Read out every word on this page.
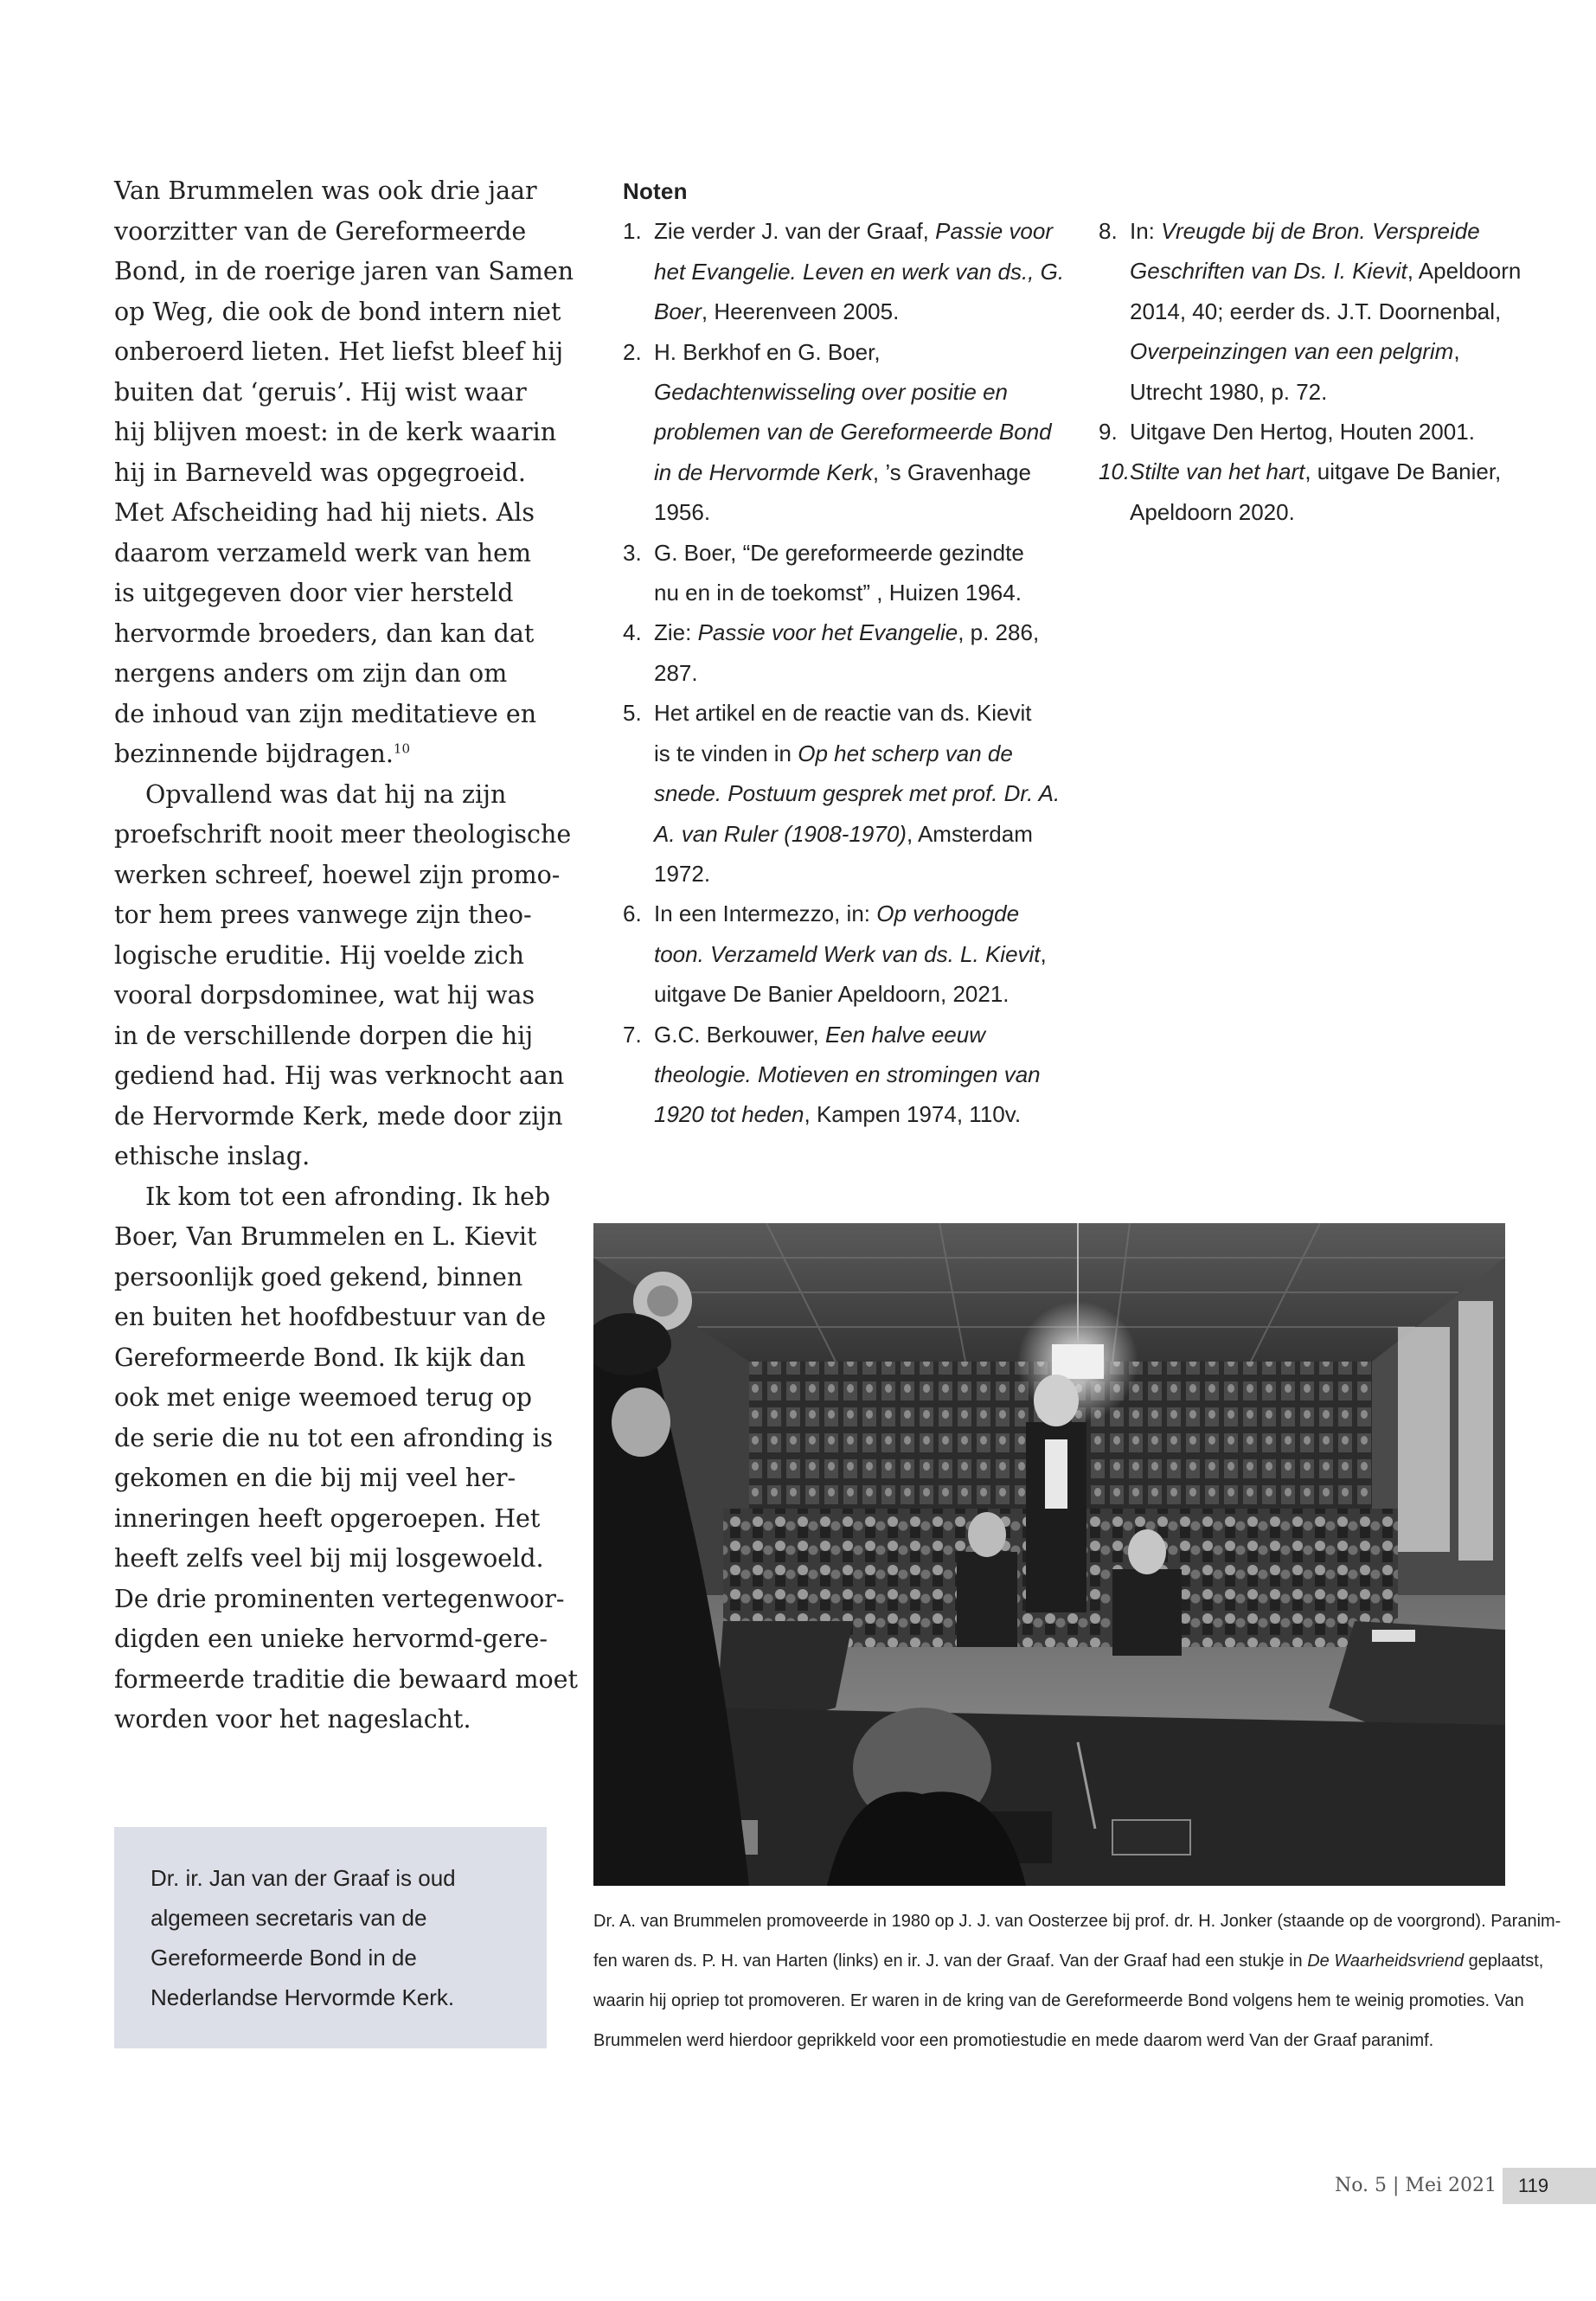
Van Brummelen was ook drie jaar
voorzitter van de Gereformeerde
Bond, in de roerige jaren van Samen
op Weg, die ook de bond intern niet
onberoerd lieten. Het liefst bleef hij
buiten dat ‘geruis’. Hij wist waar
hij blijven moest: in de kerk waarin
hij in Barneveld was opgegroeid.
Met Afscheiding had hij niets. Als
daarom verzameld werk van hem
is uitgegeven door vier hersteld
hervormde broeders, dan kan dat
nergens anders om zijn dan om
de inhoud van zijn meditatieve en
bezinnende bijdragen.$^{10}$

Opvallend was dat hij na zijn
proefschrift nooit meer theologische
werken schreef, hoewel zijn promo-
tor hem prees vanwege zijn theo-
logische eruditie. Hij voelde zich
vooral dorpsdominee, wat hij was
in de verschillende dorpen die hij
gediend had. Hij was verknocht aan
de Hervormde Kerk, mede door zijn
ethische inslag.

Ik kom tot een afronding. Ik heb
Boer, Van Brummelen en L. Kievit
persoonlijk goed gekend, binnen
en buiten het hoofdbestuur van de
Gereformeerde Bond. Ik kijk dan
ook met enige weemoed terug op
de serie die nu tot een afronding is
gekomen en die bij mij veel her-
inneringen heeft opgeroepen. Het
heeft zelfs veel bij mij losgewoeld.
De drie prominenten vertegenwoor-
digden een unieke hervormd-gere-
formeerde traditie die bewaard moet
worden voor het nageslacht.

Noten

1. Zie verder J. van der Graaf, Passie voor
het Evangelie. Leven en werk van ds., G.
Boer, Heerenveen 2005.
2. H. Berkhof en G. Boer,
Gedachtenwisseling over positie en
problemen van de Gereformeerde Bond
in de Hervormde Kerk, ’s Gravenhage
1956.
3. G. Boer, “De gereformeerde gezindte
nu en in de toekomst” , Huizen 1964.
4. Zie: Passie voor het Evangelie, p. 286,
287.
5. Het artikel en de reactie van ds. Kievit
is te vinden in Op het scherp van de
snede. Postuum gesprek met prof. Dr. A.
A. van Ruler (1908-1970), Amsterdam
1972.
6. In een Intermezzo, in: Op verhoogde
toon. Verzameld Werk van ds. L. Kievit,
uitgave De Banier Apeldoorn, 2021.
7. G.C. Berkouwer, Een halve eeuw
theologie. Motieven en stromingen van
1920 tot heden, Kampen 1974, 110v.
8. In: Vreugde bij de Bron. Verspreide
Geschriften van Ds. I. Kievit, Apeldoorn
2014, 40; eerder ds. J.T. Doornenbal,
Overpeinzingen van een pelgrim,
Utrecht 1980, p. 72.
9. Uitgave Den Hertog, Houten 2001.
10. Stilte van het hart, uitgave De Banier,
Apeldoorn 2020.
Dr. A. van Brummelen promoveerde in 1980 op J. J. van Oosterzee bij prof. dr. H. Jonker (staande op de voorgrond). Paranim-
fen waren ds. P. H. van Harten (links) en ir. J. van der Graaf. Van der Graaf had een stukje in De Waarheidsvriend geplaatst,
waarin hij opriep tot promoveren. Er waren in de kring van de Gereformeerde Bond volgens hem te weinig promoties. Van
Brummelen werd hierdoor geprikkeld voor een promotiestudie en mede daarom werd Van der Graaf paranimf.
Dr. ir. Jan van der Graaf is oud
algemeen secretaris van de
Gereformeerde Bond in de
Nederlandse Hervormde Kerk.
No. 5 | Mei 2021 119
